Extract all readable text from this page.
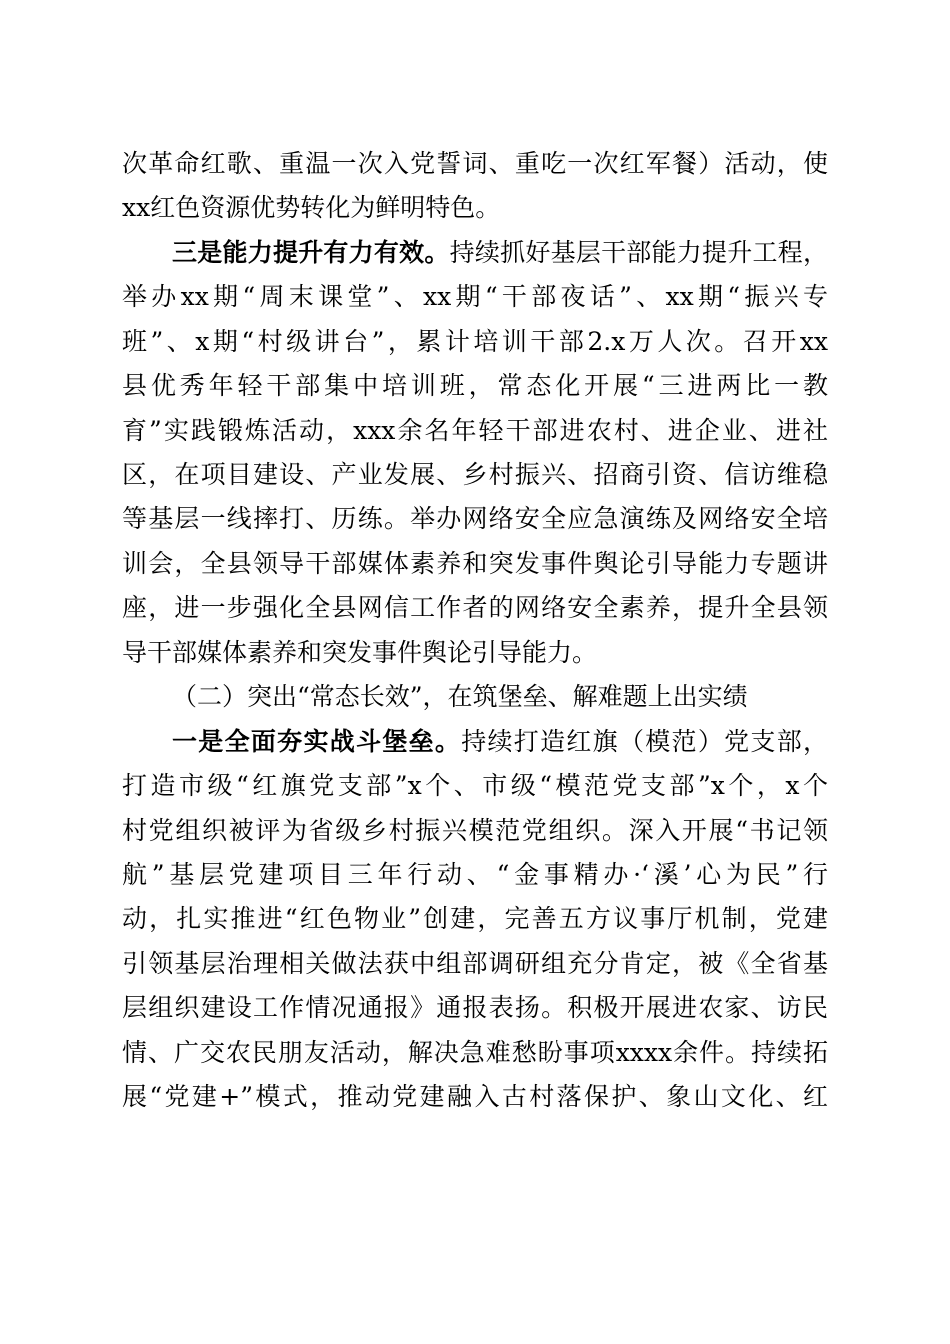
次革命红歌、重温一次入党誓词、重吃一次红军餐）活动，使
xx红色资源优势转化为鲜明特色。
三是能力提升有力有效。持续抓好基层干部能力提升工程，
举办xx期“周末课堂”、xx期“干部夜话”、xx期“振兴专
班”、x期“村级讲台”，累计培训干部2.x万人次。召开xx
县优秀年轻干部集中培训班，常态化开展“三进两比一教
育”实践锻炼活动，xxx余名年轻干部进农村、进企业、进社
区，在项目建设、产业发展、乡村振兴、招商引资、信访维稳
等基层一线摔打、历练。举办网络安全应急演练及网络安全培
训会，全县领导干部媒体素养和突发事件舆论引导能力专题讲
座，进一步强化全县网信工作者的网络安全素养，提升全县领
导干部媒体素养和突发事件舆论引导能力。
（二）突出“常态长效”，在筑堡垒、解难题上出实绩
一是全面夯实战斗堡垒。持续打造红旗（模范）党支部，
打造市级“红旗党支部”x个、市级“模范党支部”x个，x个
村党组织被评为省级乡村振兴模范党组织。深入开展“书记领
航”基层党建项目三年行动、“金事精办·‘溪’心为民”行
动，扎实推进“红色物业”创建，完善五方议事厅机制，党建
引领基层治理相关做法获中组部调研组充分肯定，被《全省基
层组织建设工作情况通报》通报表扬。积极开展进农家、访民
情、广交农民朋友活动，解决急难愁盼事项xxxx余件。持续拓
展“党建+”模式，推动党建融入古村落保护、象山文化、红
